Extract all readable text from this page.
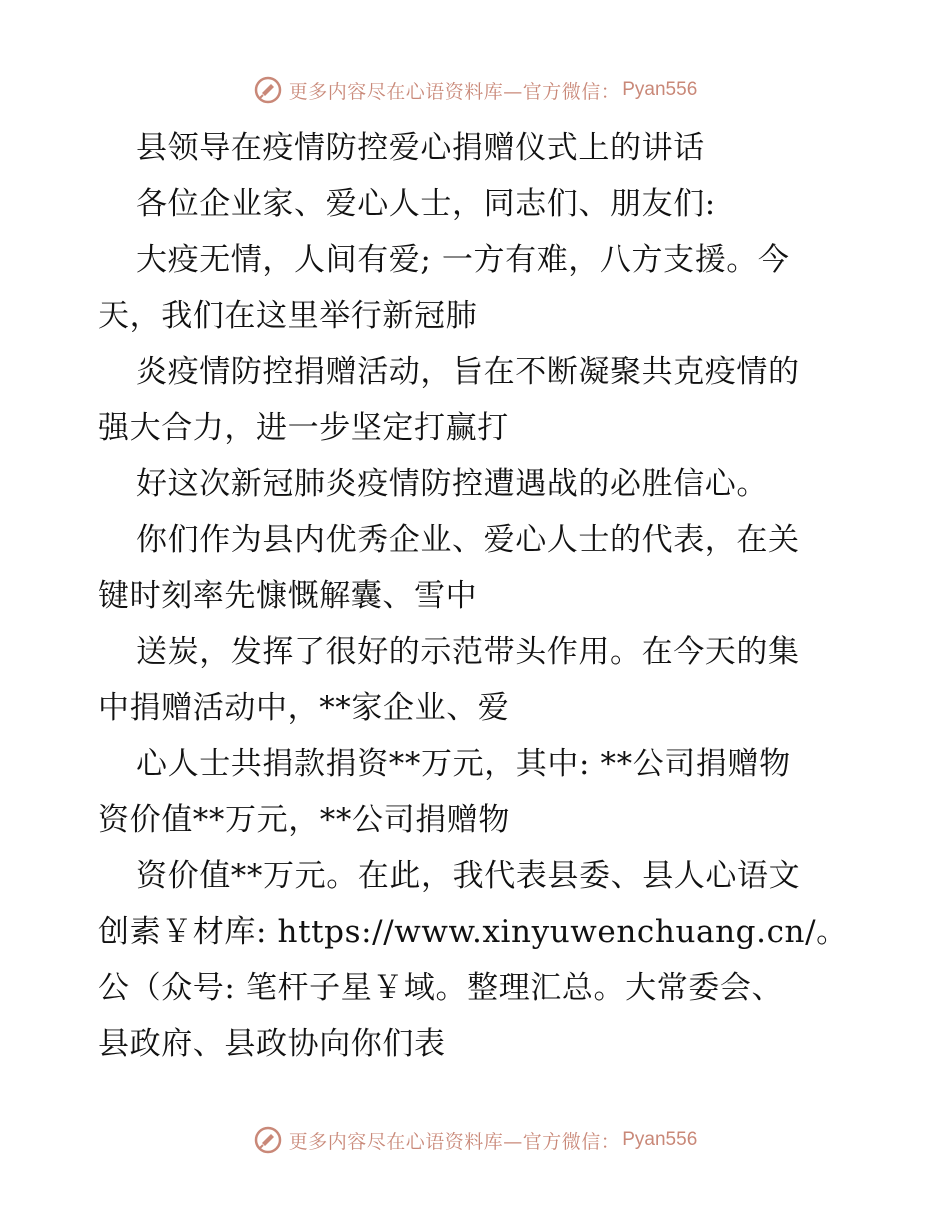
更多内容尽在心语资料库—官方微信： Pyan556
县领导在疫情防控爱心捐赠仪式上的讲话
各位企业家、爱心人士，同志们、朋友们:
大疫无情，人间有爱; 一方有难，八方支援。今
天，我们在这里举行新冠肺
炎疫情防控捐赠活动，旨在不断凝聚共克疫情的
强大合力，进一步坚定打赢打
好这次新冠肺炎疫情防控遭遇战的必胜信心。
你们作为县内优秀企业、爱心人士的代表，在关
键时刻率先慷慨解囊、雪中
送炭，发挥了很好的示范带头作用。在今天的集
中捐赠活动中，**家企业、爱
心人士共捐款捐资**万元，其中: **公司捐赠物
资价值**万元，**公司捐赠物
资价值**万元。在此，我代表县委、县人心语文
创素￥材库: https://www.xinyuwenchuang.cn/。
公（众号: 笔杆子星￥域。整理汇总。大常委会、
县政府、县政协向你们表
更多内容尽在心语资料库—官方微信： Pyan556
